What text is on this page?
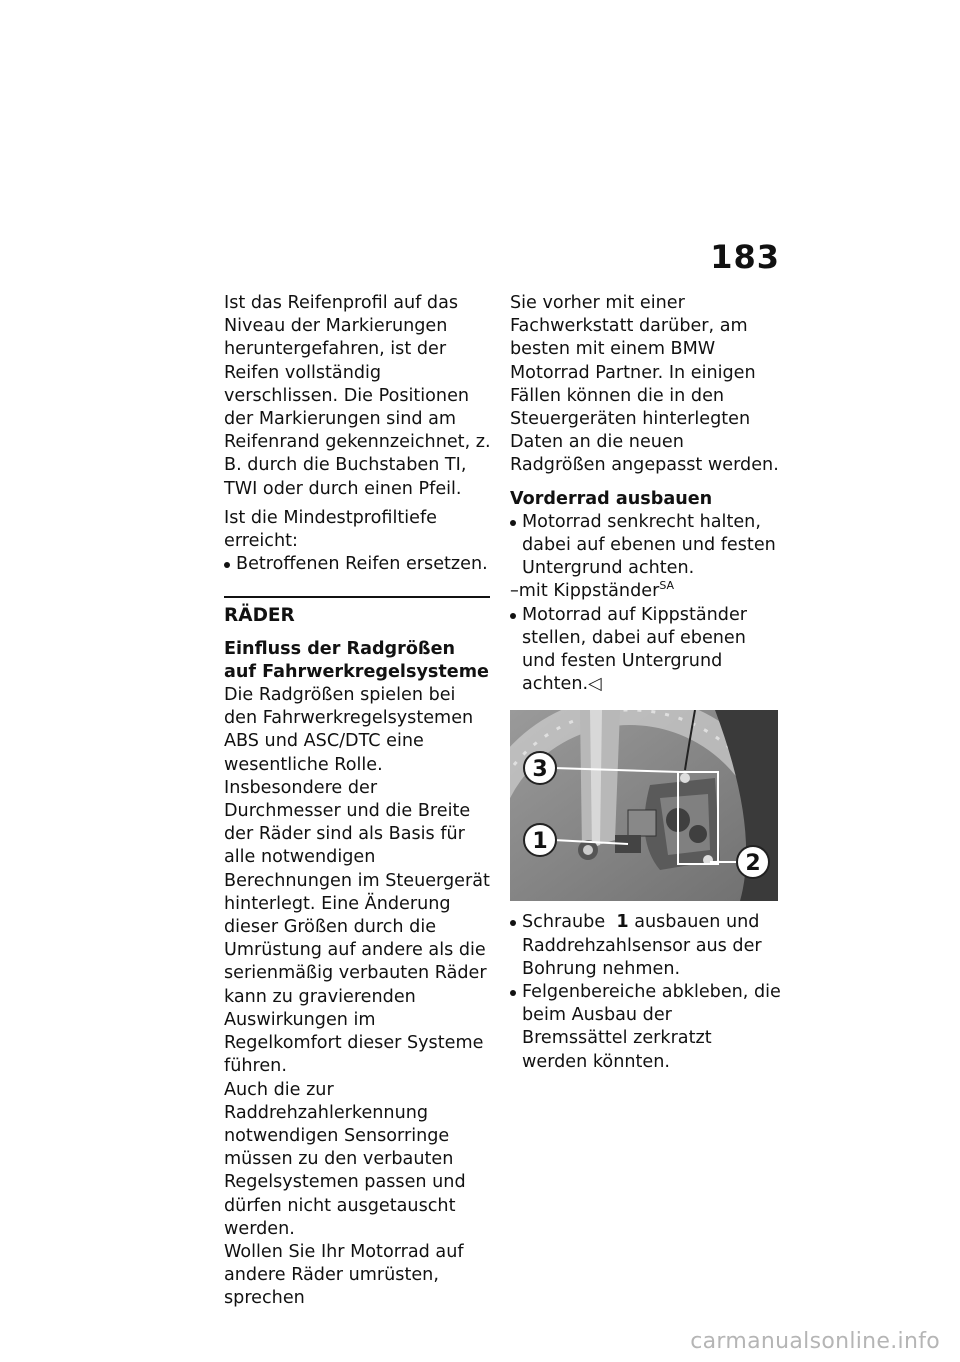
183

Ist das Reifenprofil auf das Niveau der Markierungen heruntergefahren, ist der Reifen vollständig verschlissen. Die Positionen der Markierungen sind am Reifenrand gekennzeichnet, z. B. durch die Buchstaben TI, TWI oder durch einen Pfeil.

Ist die Mindestprofiltiefe erreicht:

Betroffenen Reifen ersetzen.
RÄDER
Einfluss der Radgrößen auf Fahrwerkregelsysteme

Die Radgrößen spielen bei den Fahrwerkregelsystemen ABS und ASC/DTC eine wesentliche Rolle. Insbesondere der Durchmesser und die Breite der Räder sind als Basis für alle notwendigen Berechnungen im Steuergerät hinterlegt. Eine Änderung dieser Größen durch die Umrüstung auf andere als die serienmäßig verbauten Räder kann zu gravierenden Auswirkungen im Regelkomfort dieser Systeme führen.

Auch die zur Raddrehzahlerkennung notwendigen Sensorringe müssen zu den verbauten Regelsystemen passen und dürfen nicht ausgetauscht werden.

Wollen Sie Ihr Motorrad auf andere Räder umrüsten, sprechen

Sie vorher mit einer Fachwerkstatt darüber, am besten mit einem BMW Motorrad Partner. In einigen Fällen können die in den Steuergeräten hinterlegten Daten an die neuen Radgrößen angepasst werden.

Vorderrad ausbauen
Motorrad senkrecht halten, dabei auf ebenen und festen Untergrund achten.
–mit Kippständer$^{SA}$
Motorrad auf Kippständer stellen, dabei auf ebenen und festen Untergrund achten.◁
3
1
2
Schraube 1 ausbauen und Raddrehzahlsensor aus der Bohrung nehmen.
Felgenbereiche abkleben, die beim Ausbau der Bremssättel zerkratzt werden könnten.
carmanualsonline.info
